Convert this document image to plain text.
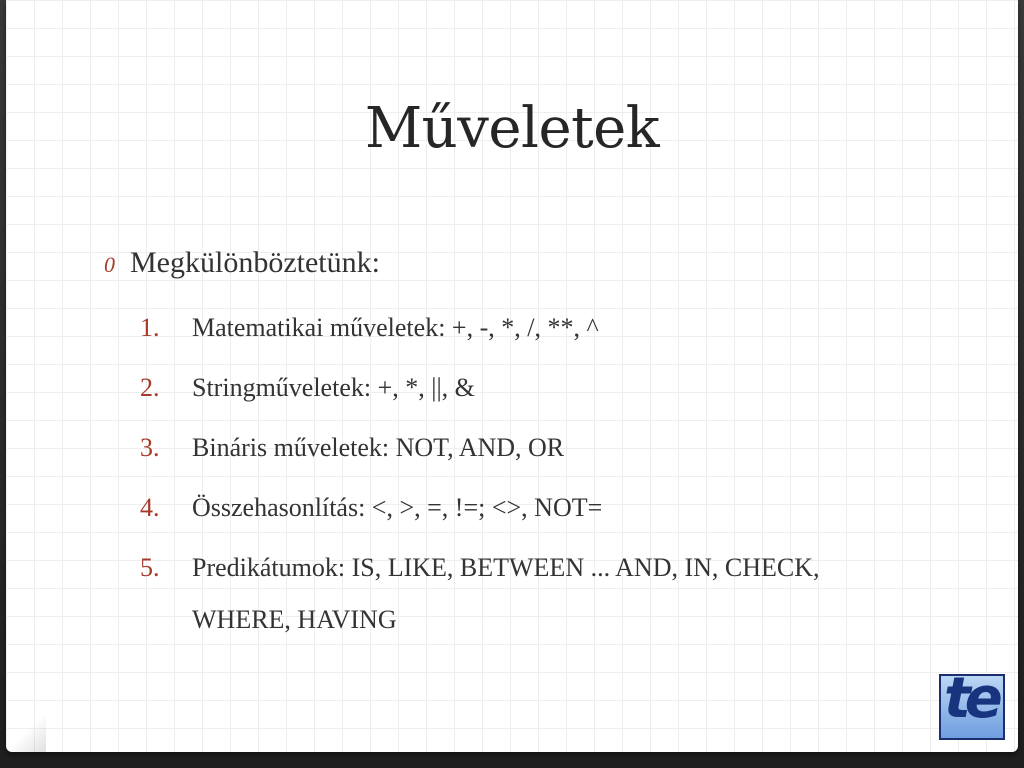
Műveletek
0 Megkülönböztetünk:
1.	Matematikai műveletek: +, -, *, /, **, ^
2.	Stringműveletek: +, *, ||, &
3.	Bináris műveletek: NOT, AND, OR
4.	Összehasonlítás: <, >, =, !=; <>, NOT=
5.	Predikátumok: IS, LIKE, BETWEEN ... AND, IN, CHECK, WHERE, HAVING
te
